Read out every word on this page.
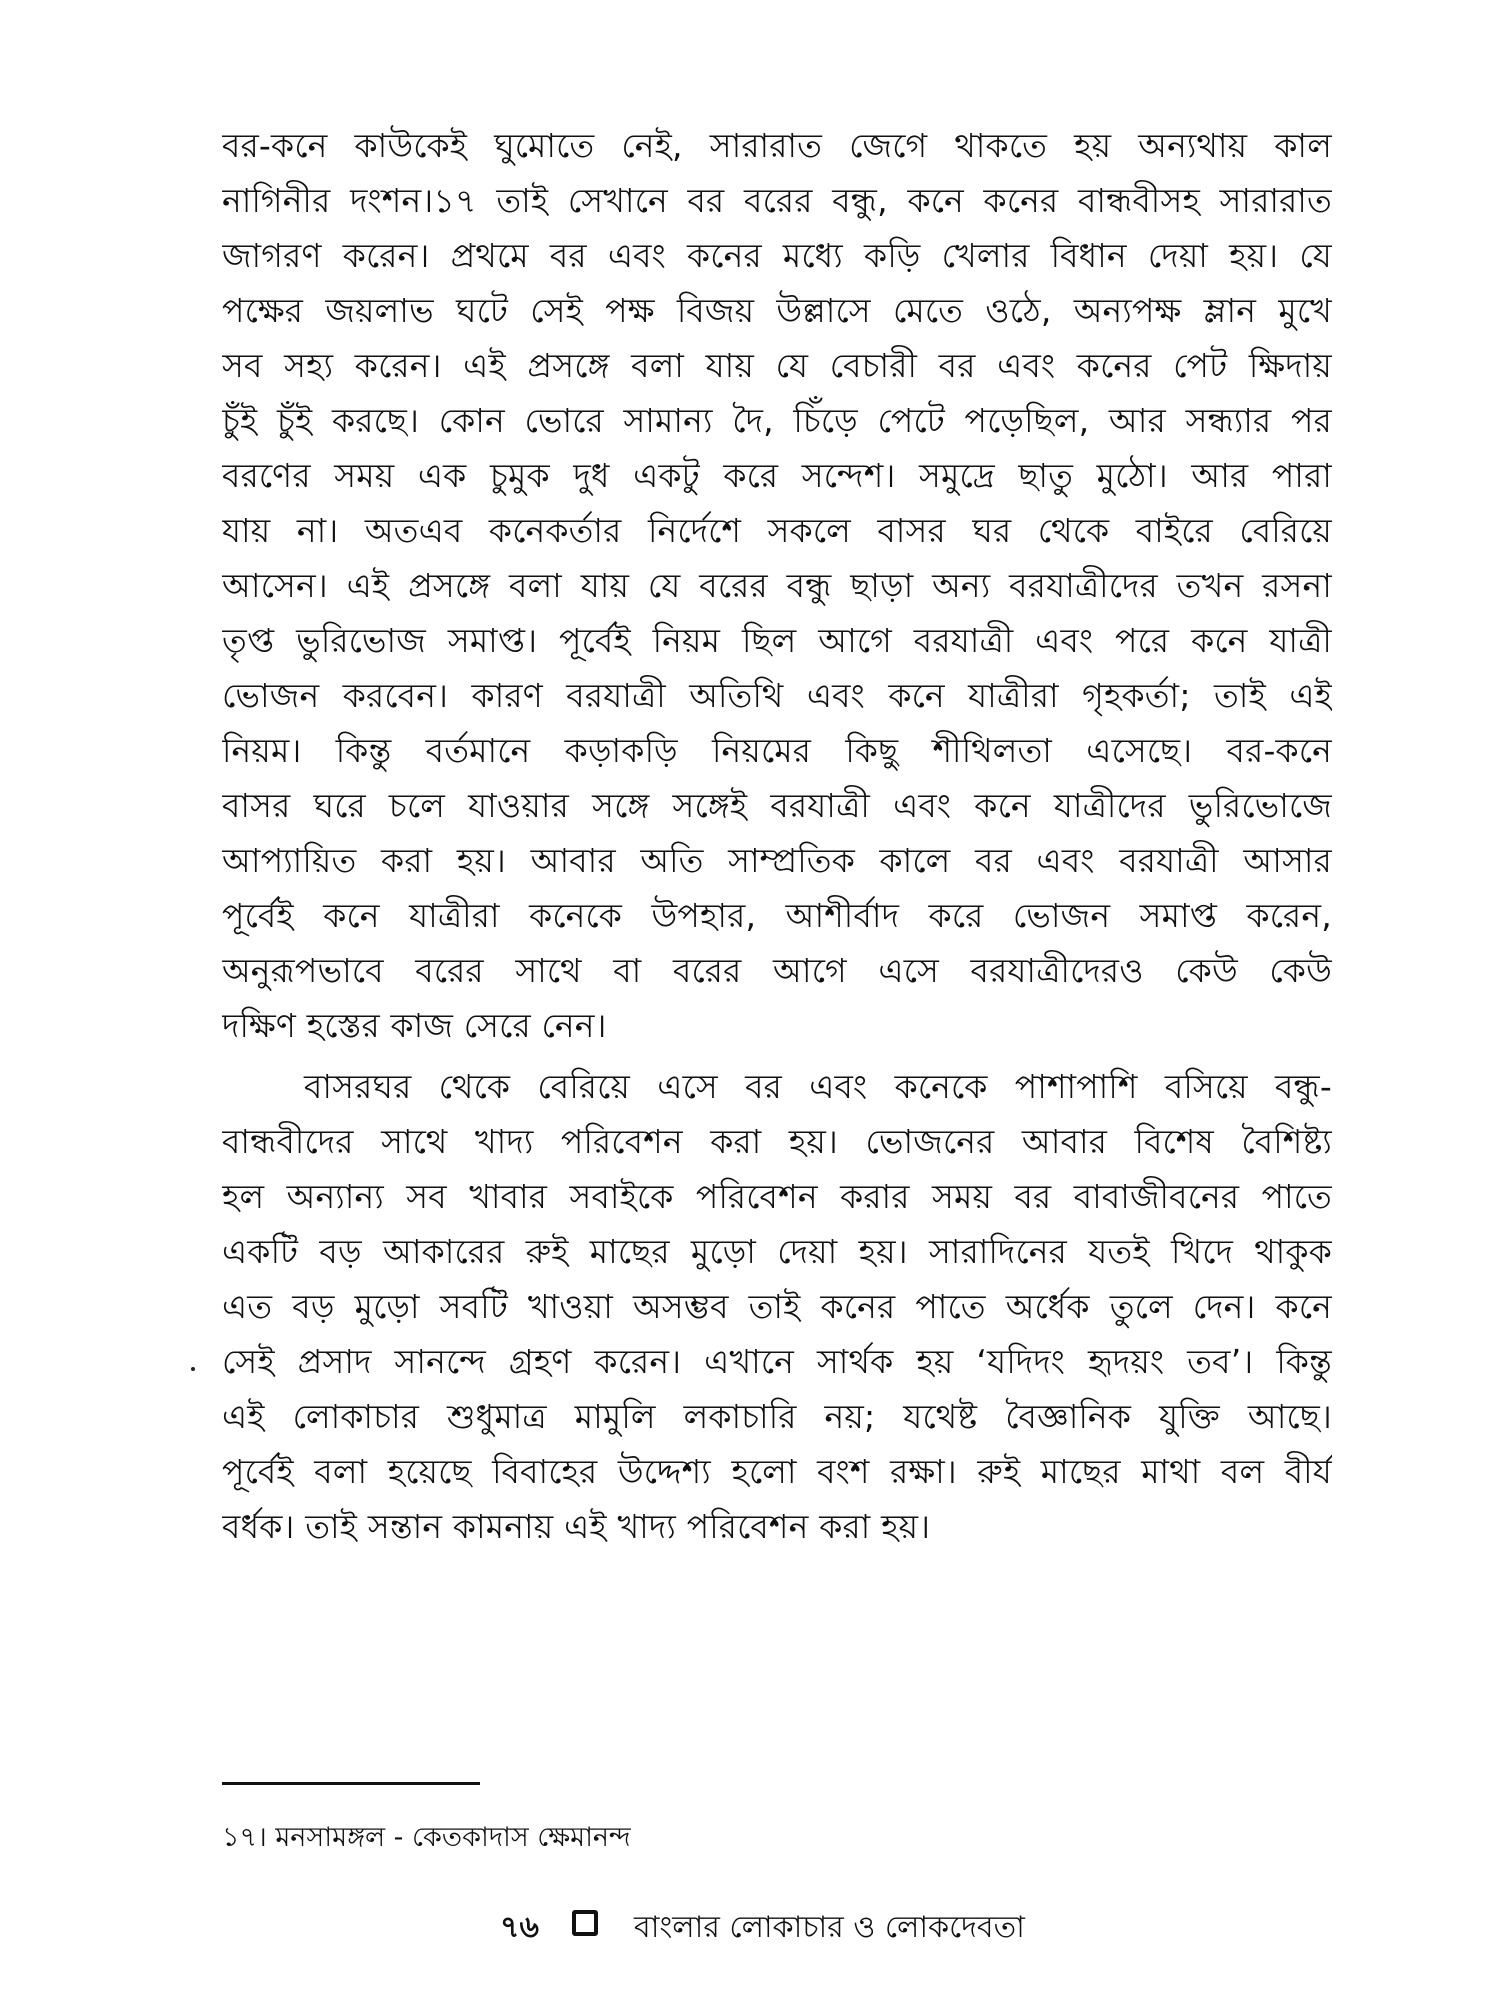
বর-কনে কাউকেই ঘুমোতে নেই, সারারাত জেগে থাকতে হয় অন্যথায় কাল
নাগিনীর দংশন।১৭ তাই সেখানে বর বরের বন্ধু, কনে কনের বান্ধবীসহ সারারাত
জাগরণ করেন। প্রথমে বর এবং কনের মধ্যে কড়ি খেলার বিধান দেয়া হয়। যে
পক্ষের জয়লাভ ঘটে সেই পক্ষ বিজয় উল্লাসে মেতে ওঠে, অন্যপক্ষ ম্লান মুখে
সব সহ্য করেন। এই প্রসঙ্গে বলা যায় যে বেচারী বর এবং কনের পেট ক্ষিদায়
চুঁই চুঁই করছে। কোন ভোরে সামান্য দৈ, চিঁড়ে পেটে পড়েছিল, আর সন্ধ্যার পর
বরণের সময় এক চুমুক দুধ একটু করে সন্দেশ। সমুদ্রে ছাতু মুঠো। আর পারা
যায় না। অতএব কনেকর্তার নির্দেশে সকলে বাসর ঘর থেকে বাইরে বেরিয়ে
আসেন। এই প্রসঙ্গে বলা যায় যে বরের বন্ধু ছাড়া অন্য বরযাত্রীদের তখন রসনা
তৃপ্ত ভুরিভোজ সমাপ্ত। পূর্বেই নিয়ম ছিল আগে বরযাত্রী এবং পরে কনে যাত্রী
ভোজন করবেন। কারণ বরযাত্রী অতিথি এবং কনে যাত্রীরা গৃহকর্তা; তাই এই
নিয়ম। কিন্তু বর্তমানে কড়াকড়ি নিয়মের কিছু শীথিলতা এসেছে। বর-কনে
বাসর ঘরে চলে যাওয়ার সঙ্গে সঙ্গেই বরযাত্রী এবং কনে যাত্রীদের ভুরিভোজে
আপ্যায়িত করা হয়। আবার অতি সাম্প্রতিক কালে বর এবং বরযাত্রী আসার
পূর্বেই কনে যাত্রীরা কনেকে উপহার, আশীর্বাদ করে ভোজন সমাপ্ত করেন,
অনুরূপভাবে বরের সাথে বা বরের আগে এসে বরযাত্রীদেরও কেউ কেউ
দক্ষিণ হস্তের কাজ সেরে নেন।
বাসরঘর থেকে বেরিয়ে এসে বর এবং কনেকে পাশাপাশি বসিয়ে বন্ধু-
বান্ধবীদের সাথে খাদ্য পরিবেশন করা হয়। ভোজনের আবার বিশেষ বৈশিষ্ট্য
হল অন্যান্য সব খাবার সবাইকে পরিবেশন করার সময় বর বাবাজীবনের পাতে
একটি বড় আকারের রুই মাছের মুড়ো দেয়া হয়। সারাদিনের যতই খিদে থাকুক
এত বড় মুড়ো সবটি খাওয়া অসম্ভব তাই কনের পাতে অর্ধেক তুলে দেন। কনে
সেই প্রসাদ সানন্দে গ্রহণ করেন। এখানে সার্থক হয় ‘যদিদং হৃদয়ং তব’। কিন্তু
এই লোকাচার শুধুমাত্র মামুলি লকাচারি নয়; যথেষ্ট বৈজ্ঞানিক যুক্তি আছে।
পূর্বেই বলা হয়েছে বিবাহের উদ্দেশ্য হলো বংশ রক্ষা। রুই মাছের মাথা বল বীর্য
বর্ধক। তাই সন্তান কামনায় এই খাদ্য পরিবেশন করা হয়।
১৭। মনসামঙ্গল - কেতকাদাস ক্ষেমানন্দ
৭৬	বাংলার লোকাচার ও লোকদেবতা
